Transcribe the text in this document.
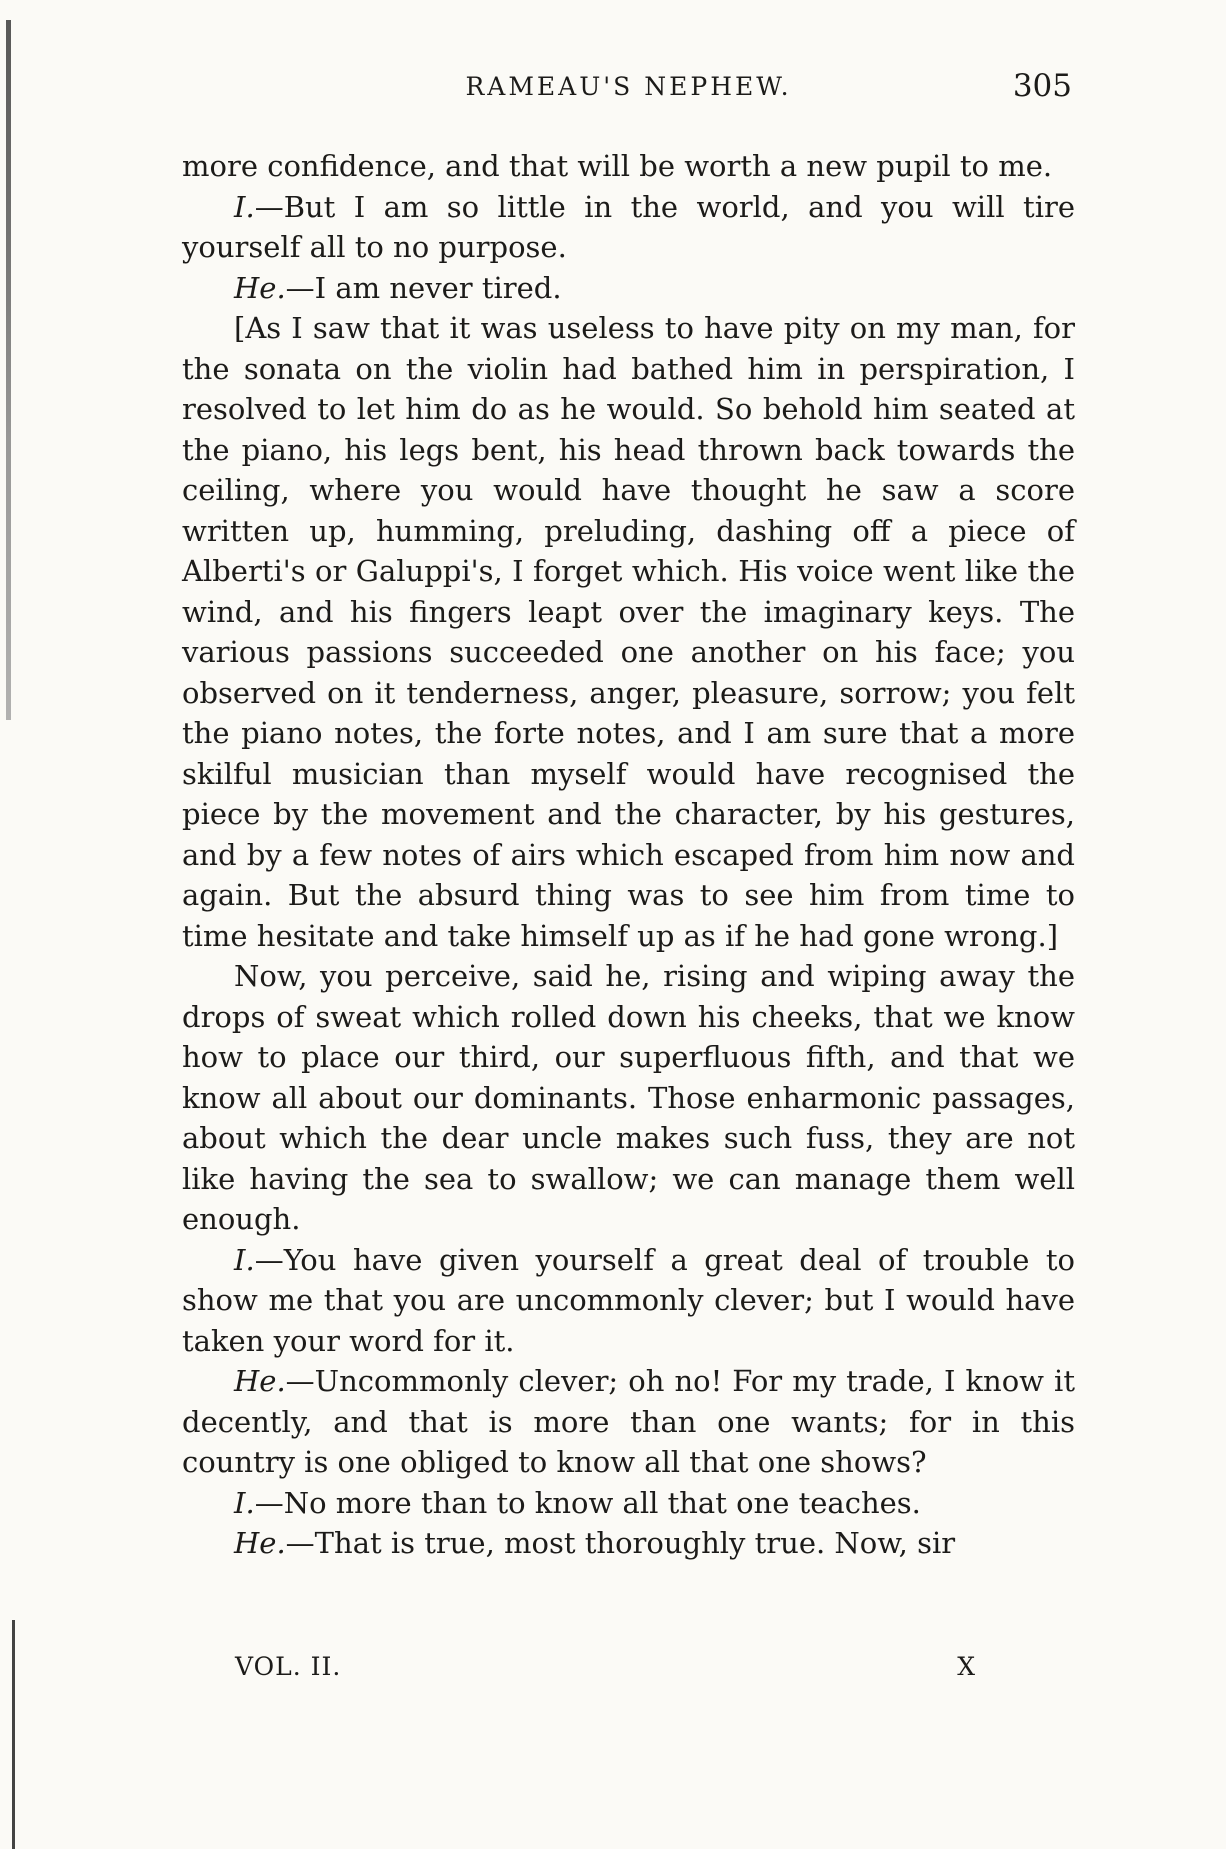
RAMEAU'S NEPHEW.	305

more confidence, and that will be worth a new pupil to me.

I.—But I am so little in the world, and you will tire yourself all to no purpose.

He.—I am never tired.

[As I saw that it was useless to have pity on my man, for the sonata on the violin had bathed him in perspiration, I resolved to let him do as he would. So behold him seated at the piano, his legs bent, his head thrown back towards the ceiling, where you would have thought he saw a score written up, humming, preluding, dashing off a piece of Alberti's or Galuppi's, I forget which. His voice went like the wind, and his fingers leapt over the imaginary keys. The various passions succeeded one another on his face; you observed on it tenderness, anger, pleasure, sorrow; you felt the piano notes, the forte notes, and I am sure that a more skilful musician than myself would have recognised the piece by the movement and the character, by his gestures, and by a few notes of airs which escaped from him now and again. But the absurd thing was to see him from time to time hesitate and take himself up as if he had gone wrong.]

Now, you perceive, said he, rising and wiping away the drops of sweat which rolled down his cheeks, that we know how to place our third, our superfluous fifth, and that we know all about our dominants. Those enharmonic passages, about which the dear uncle makes such fuss, they are not like having the sea to swallow; we can manage them well enough.

I.—You have given yourself a great deal of trouble to show me that you are uncommonly clever; but I would have taken your word for it.

He.—Uncommonly clever; oh no! For my trade, I know it decently, and that is more than one wants; for in this country is one obliged to know all that one shows?

I.—No more than to know all that one teaches.

He.—That is true, most thoroughly true. Now, sir

VOL. II.	X
